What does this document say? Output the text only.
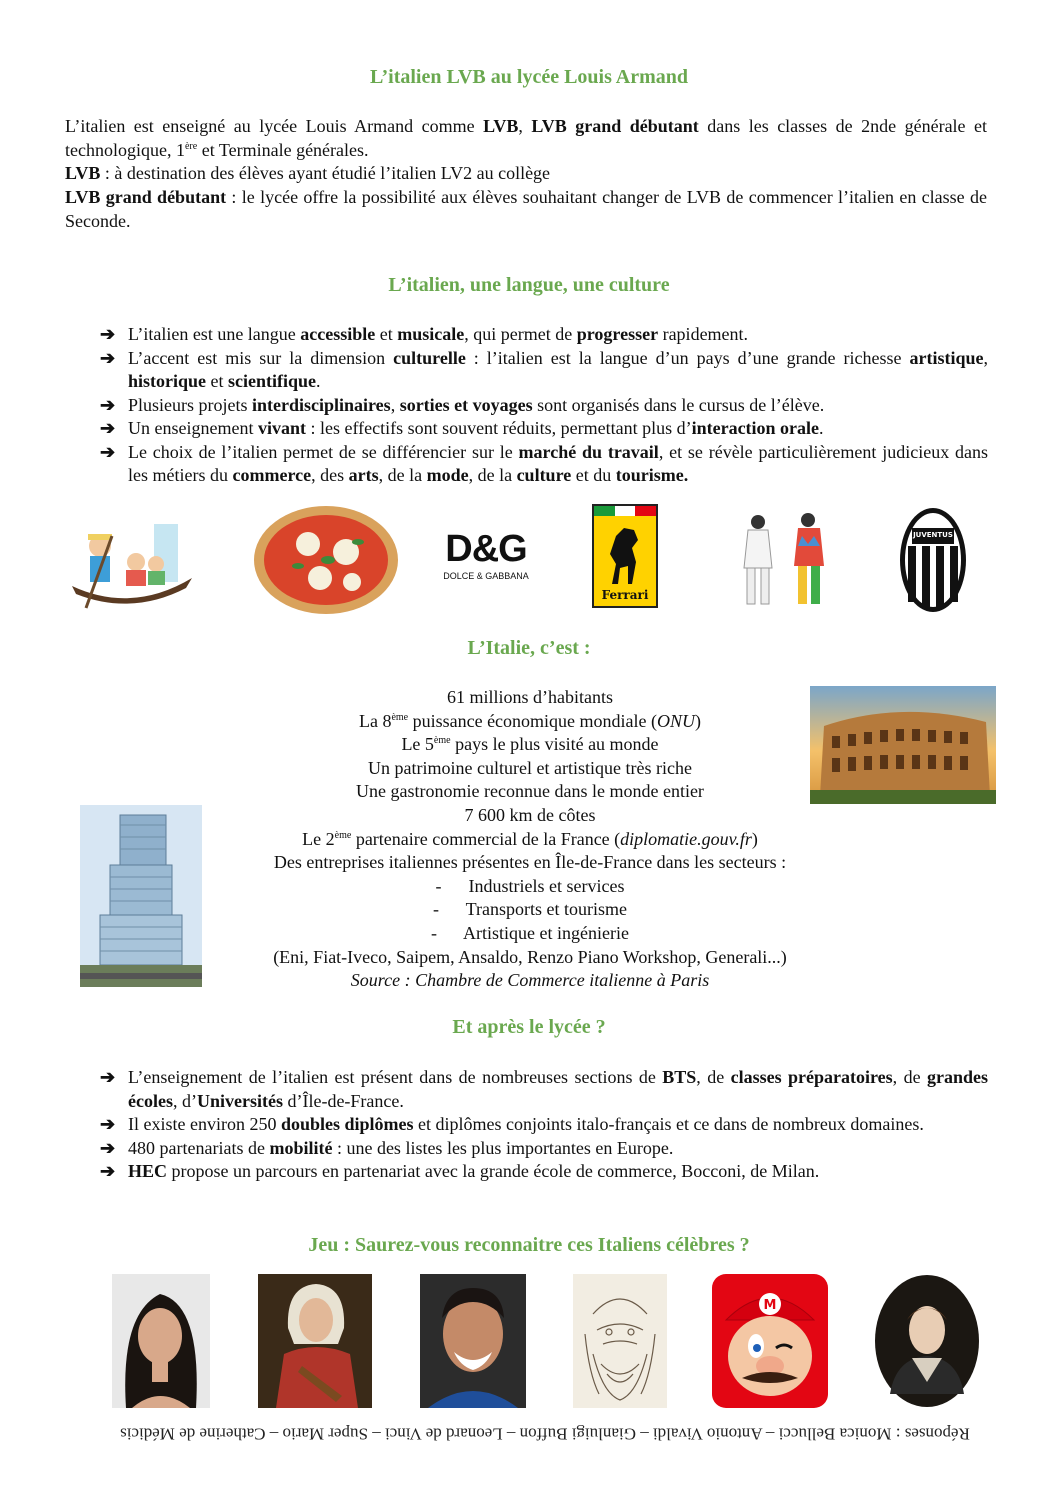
L’italien LVB au lycée Louis Armand

L’italien est enseigné au lycée Louis Armand comme LVB, LVB grand débutant dans les classes de 2nde générale et technologique, 1ère et Terminale générales.

LVB : à destination des élèves ayant étudié l’italien LV2 au collège

LVB grand débutant : le lycée offre la possibilité aux élèves souhaitant changer de LVB de commencer l’italien en classe de Seconde.

L’italien, une langue, une culture
➔ L’italien est une langue accessible et musicale, qui permet de progresser rapidement.
➔ L’accent est mis sur la dimension culturelle : l’italien est la langue d’un pays d’une grande richesse artistique, historique et scientifique.
➔ Plusieurs projets interdisciplinaires, sorties et voyages sont organisés dans le cursus de l’élève.
➔ Un enseignement vivant : les effectifs sont souvent réduits, permettant plus d’interaction orale.
➔ Le choix de l’italien permet de se différencier sur le marché du travail, et se révèle particulièrement judicieux dans les métiers du commerce, des arts, de la mode, de la culture et du tourisme.
D&G
DOLCE & GABBANA
Ferrari
JUVENTUS
L’Italie, c’est :
61 millions d’habitants
La 8ème puissance économique mondiale (ONU)
Le 5ème pays le plus visité au monde
Un patrimoine culturel et artistique très riche
Une gastronomie reconnue dans le monde entier
7 600 km de côtes
Le 2ème partenaire commercial de la France (diplomatie.gouv.fr)
Des entreprises italiennes présentes en Île-de-France dans les secteurs :
-      Industriels et services
-      Transports et tourisme
-      Artistique et ingénierie
(Eni, Fiat-Iveco, Saipem, Ansaldo, Renzo Piano Workshop, Generali...)
Source : Chambre de Commerce italienne à Paris
Et après le lycée ?
➔ L’enseignement de l’italien est présent dans de nombreuses sections de BTS, de classes préparatoires, de grandes écoles, d’Universités d’Île-de-France.
➔ Il existe environ 250 doubles diplômes et diplômes conjoints italo-français et ce dans de nombreux domaines.
➔ 480 partenariats de mobilité : une des listes les plus importantes en Europe.
➔ HEC propose un parcours en partenariat avec la grande école de commerce, Bocconi, de Milan.
Jeu : Saurez-vous reconnaitre ces Italiens célèbres ?
M
Réponses : Monica Bellucci – Antonio Vivaldi – Gianluigi Buffon – Leonard de Vinci – Super Mario – Catherine de Médicis
